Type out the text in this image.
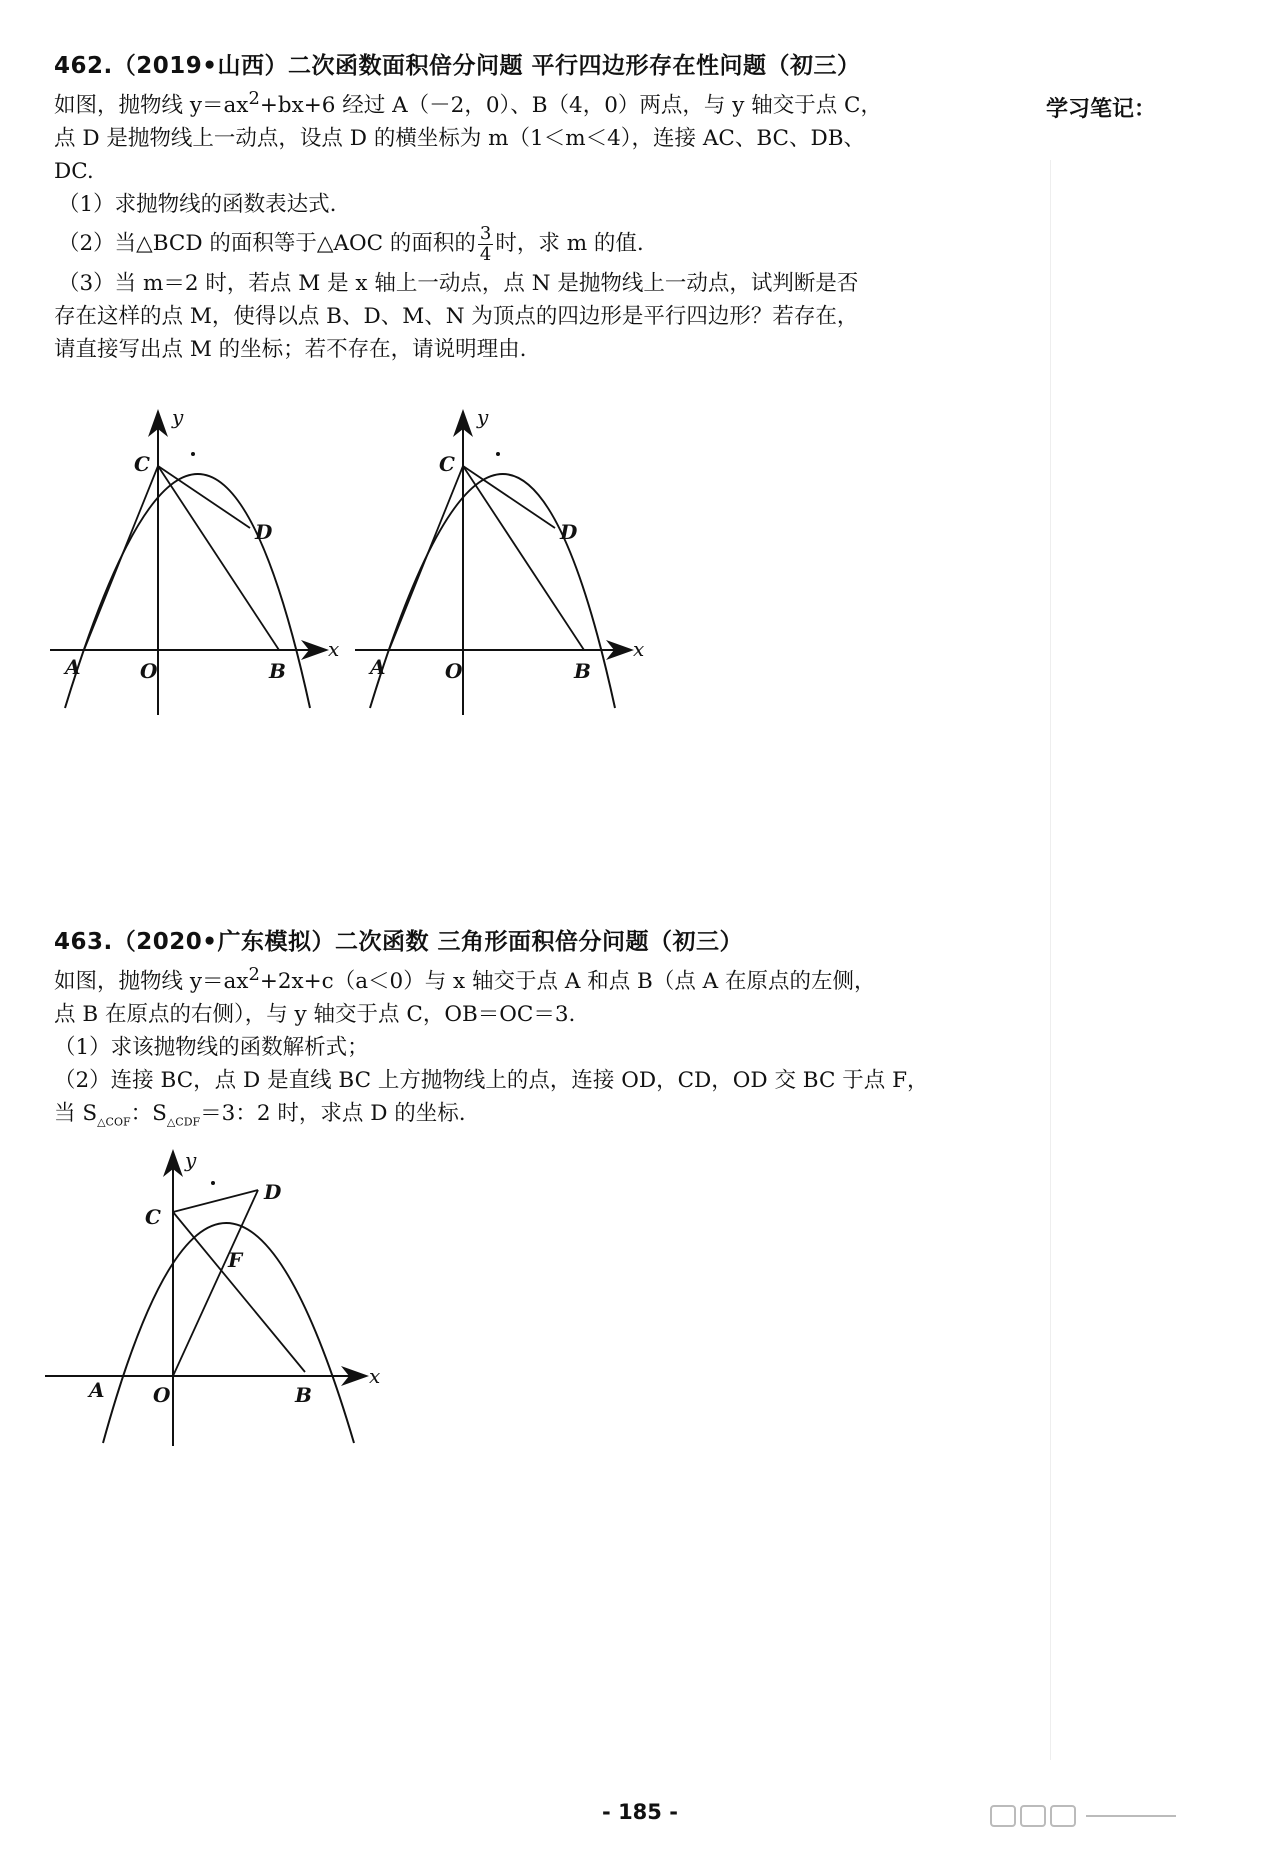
462.（2019•山西）二次函数面积倍分问题 平行四边形存在性问题（初三）
如图，抛物线 $y=ax^2+bx+6$ 经过 A（－2，0）、B（4，0）两点，与 y 轴交于点 C，
点 D 是抛物线上一动点，设点 D 的横坐标为 m（1＜m＜4），连接 AC、BC、DB、
DC.
（1）求抛物线的函数表达式.
（2）当△BCD 的面积等于△AOC 的面积的 $\frac{3}{4}$ 时，求 m 的值.
（3）当 m＝2 时，若点 M 是 x 轴上一动点，点 N 是抛物线上一动点，试判断是否
存在这样的点 M，使得以点 B、D、M、N 为顶点的四边形是平行四边形？若存在，
请直接写出点 M 的坐标；若不存在，请说明理由.
y
x
C
D
A	O	B
y
x
C
D
A	O	B
463.（2020•广东模拟）二次函数 三角形面积倍分问题（初三）
如图，抛物线 $y=ax^2+2x+c(a<0)$与 x 轴交于点 A 和点 B（点 A 在原点的左侧，
点 B 在原点的右侧），与 y 轴交于点 C，OB＝OC＝3.
（1）求该抛物线的函数解析式；
（2）连接 BC，点 D 是直线 BC 上方抛物线上的点，连接 OD，CD，OD 交 BC 于点 F，
当 $S_{\triangle COF}$：$S_{\triangle CDF}=3$：2 时，求点 D 的坐标.
y
x
C
D
F
A O	B
学习笔记：
- 185 -
